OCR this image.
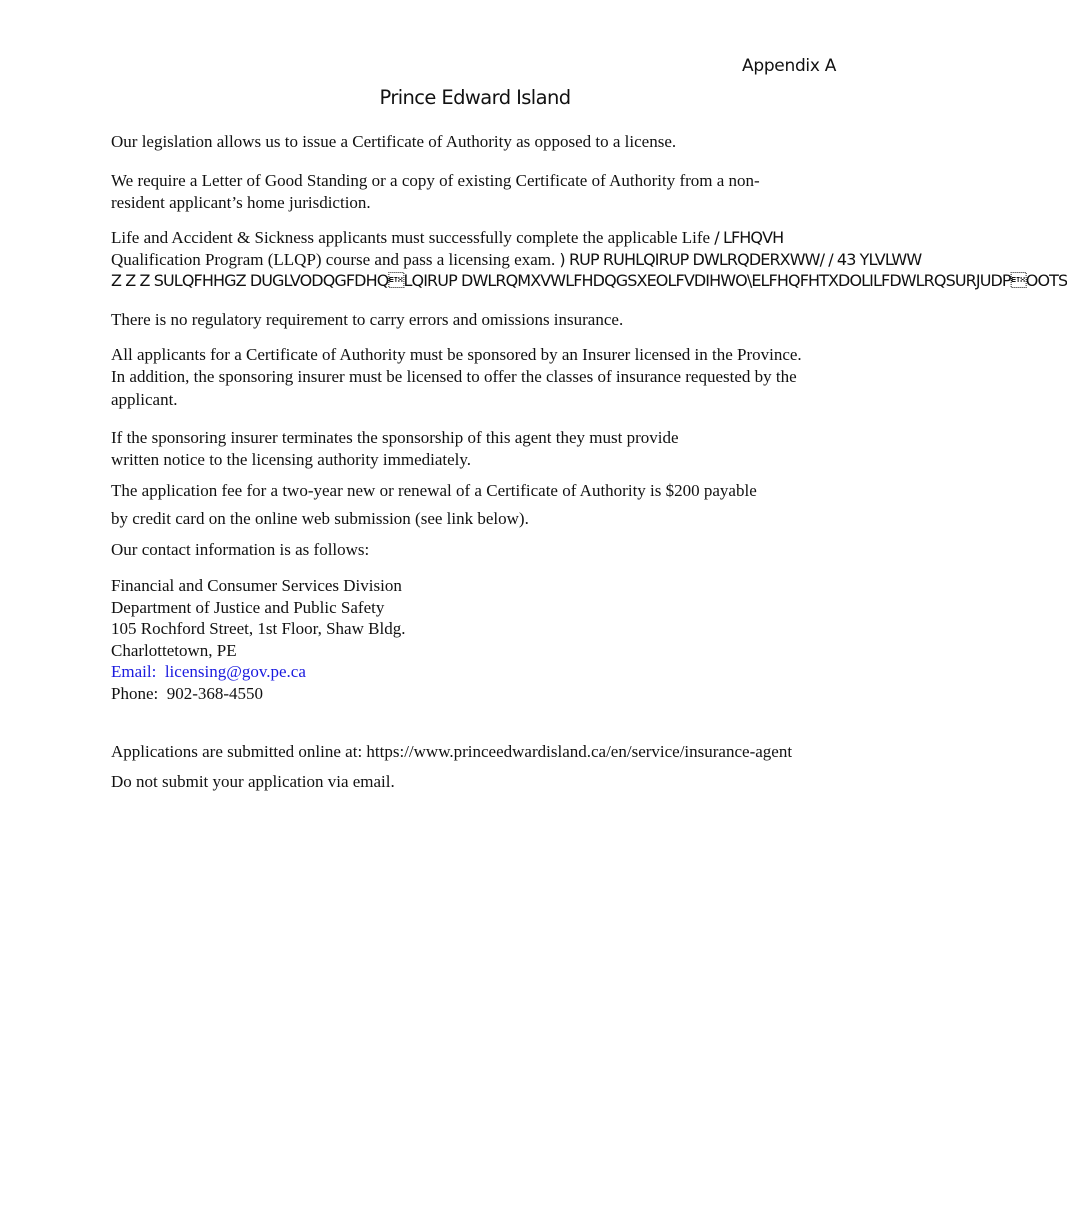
Appendix A
Prince Edward Island
Our legislation allows us to issue a Certificate of Authority as opposed to a license.
We require a Letter of Good Standing or a copy of existing Certificate of Authority from a non-
resident applicant’s home jurisdiction.
Life and Accident & Sickness applicants must successfully complete the applicable Life / LFHQVH
Qualification Program (LLQP) course and pass a licensing exam. ) RUP RUHLQIRUP DWLRQDERXWW/ / 43 YLVLWW
Z Z Z SULQFHHGZ DUGLVODQGFDHQLQIRUP DWLRQMXVWLFHDQGSXEOLFVDIHWO\ELFHQFHTXDOLILFDWLRQSURJUDPOOTS
There is no regulatory requirement to carry errors and omissions insurance.
All applicants for a Certificate of Authority must be sponsored by an Insurer licensed in the Province.
In addition, the sponsoring insurer must be licensed to offer the classes of insurance requested by the
applicant.
If the sponsoring insurer terminates the sponsorship of this agent they must provide
written notice to the licensing authority immediately.
The application fee for a two-year new or renewal of a Certificate of Authority is $200 payable
by credit card on the online web submission (see link below).
Our contact information is as follows:
Financial and Consumer Services Division
Department of Justice and Public Safety
105 Rochford Street, 1st Floor, Shaw Bldg.
Charlottetown, PE
Email: licensing@gov.pe.ca
Phone: 902-368-4550
Applications are submitted online at: https://www.princeedwardisland.ca/en/service/insurance-agent
Do not submit your application via email.
